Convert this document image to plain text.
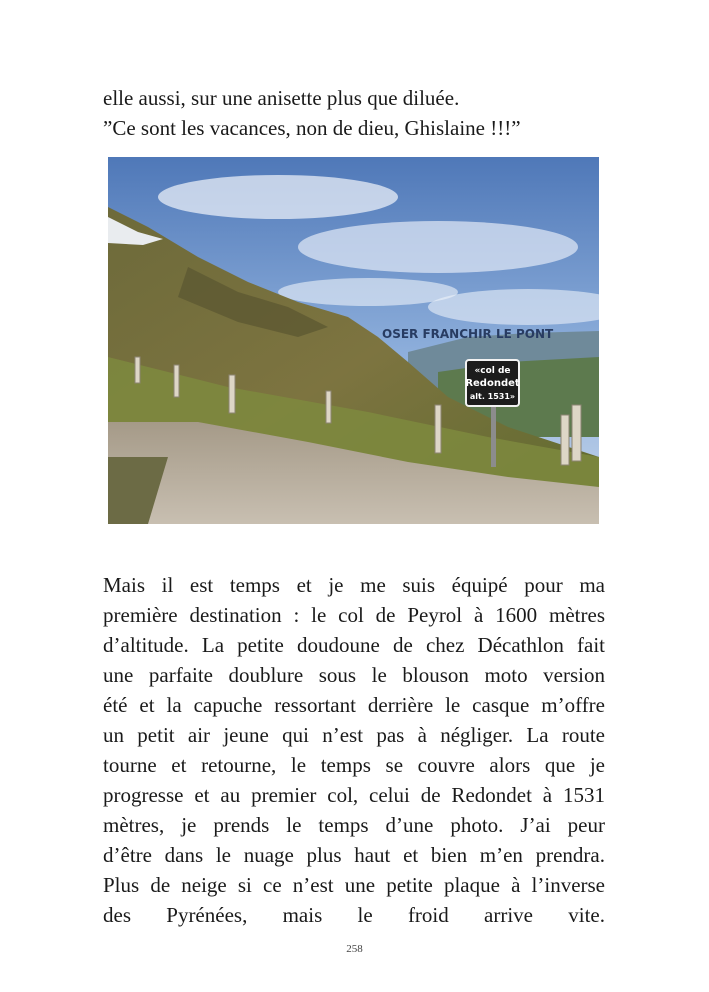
elle aussi, sur une anisette plus que diluée.
”Ce sont les vacances, non de dieu, Ghislaine !!!”
«col de
Redondet
alt. 1531»
OSER FRANCHIR LE PONT
Mais il est temps et je me suis équipé pour ma
première destination : le col de Peyrol à 1600 mètres
d’altitude. La petite doudoune de chez Décathlon fait
une parfaite doublure sous le blouson moto version
été et la capuche ressortant derrière le casque m’offre
un petit air jeune qui n’est pas à négliger. La route
tourne et retourne, le temps se couvre alors que je
progresse et au premier col, celui de Redondet à 1531
mètres, je prends le temps d’une photo. J’ai peur
d’être dans le nuage plus haut et bien m’en prendra.
Plus de neige si ce n’est une petite plaque à l’inverse
des Pyrénées, mais le froid arrive vite.
258
